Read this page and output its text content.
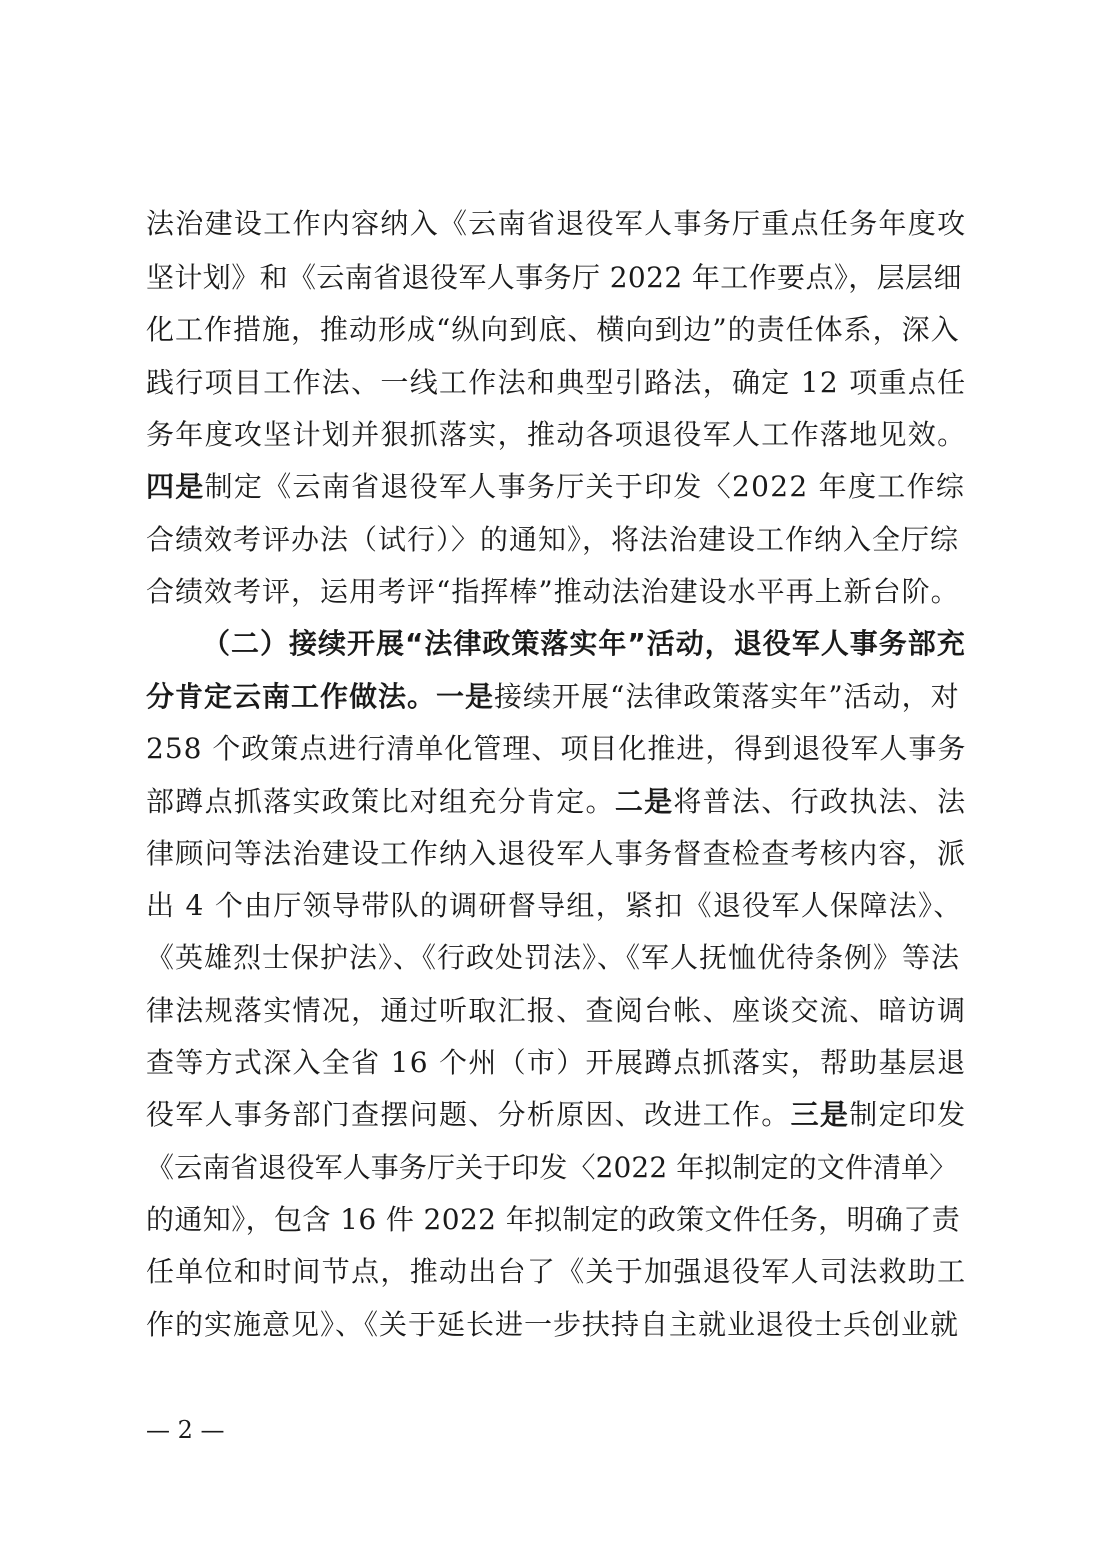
法治建设工作内容纳入《云南省退役军人事务厅重点任务年度攻
坚计划》和《云南省退役军人事务厅 2022 年工作要点》，层层细
化工作措施，推动形成“纵向到底、横向到边”的责任体系，深入
践行项目工作法、一线工作法和典型引路法，确定 12 项重点任
务年度攻坚计划并狠抓落实，推动各项退役军人工作落地见效。
四是制定《云南省退役军人事务厅关于印发〈2022 年度工作综
合绩效考评办法（试行）〉的通知》，将法治建设工作纳入全厅综
合绩效考评，运用考评“指挥棒”推动法治建设水平再上新台阶。
（二）接续开展“法律政策落实年”活动，退役军人事务部充
分肯定云南工作做法。一是接续开展“法律政策落实年”活动，对
258 个政策点进行清单化管理、项目化推进，得到退役军人事务
部蹲点抓落实政策比对组充分肯定。二是将普法、行政执法、法
律顾问等法治建设工作纳入退役军人事务督查检查考核内容，派
出 4 个由厅领导带队的调研督导组，紧扣《退役军人保障法》、
《英雄烈士保护法》、《行政处罚法》、《军人抚恤优待条例》等法
律法规落实情况，通过听取汇报、查阅台帐、座谈交流、暗访调
查等方式深入全省 16 个州（市）开展蹲点抓落实，帮助基层退
役军人事务部门查摆问题、分析原因、改进工作。三是制定印发
《云南省退役军人事务厅关于印发〈2022 年拟制定的文件清单〉
的通知》，包含 16 件 2022 年拟制定的政策文件任务，明确了责
任单位和时间节点，推动出台了《关于加强退役军人司法救助工
作的实施意见》、《关于延长进一步扶持自主就业退役士兵创业就
— 2 —
